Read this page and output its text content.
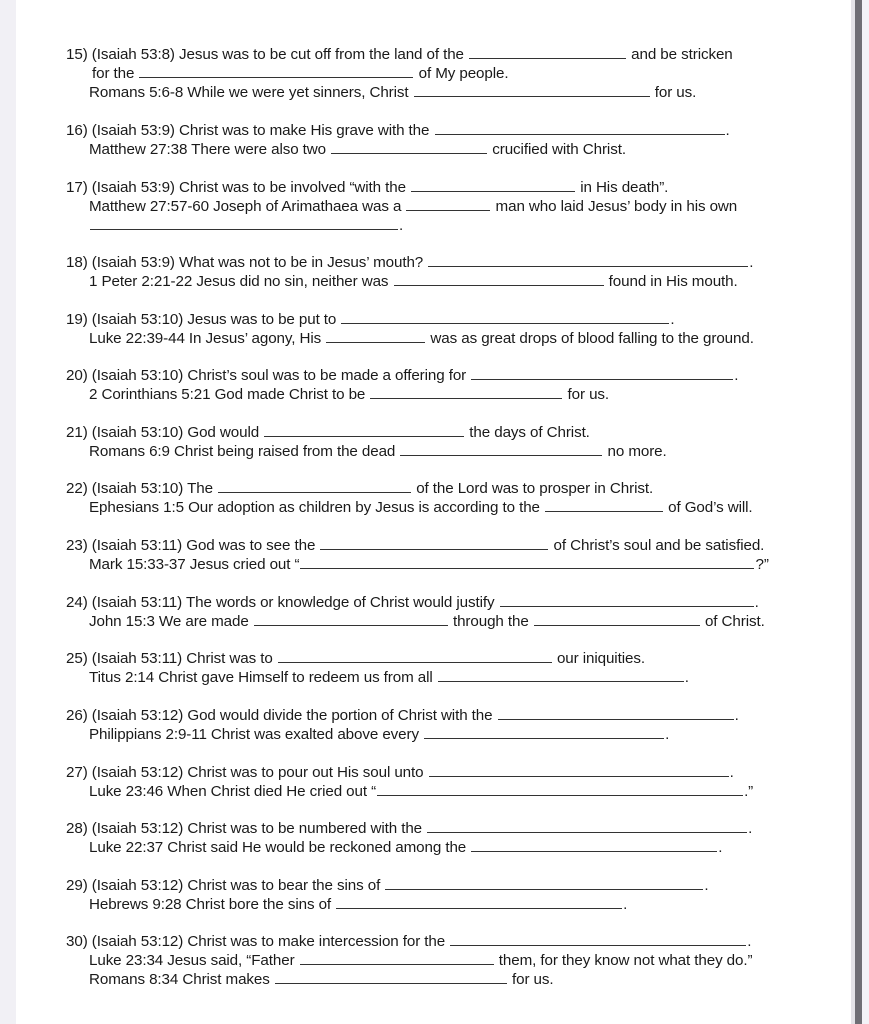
15) (Isaiah 53:8) Jesus was to be cut off from the land of the	and be stricken
for the	of My people.
Romans 5:6-8 While we were yet sinners, Christ	for us.
16) (Isaiah 53:9) Christ was to make His grave with the	.
Matthew 27:38 There were also two	crucified with Christ.
17) (Isaiah 53:9) Christ was to be involved “with the	in His death”.
Matthew 27:57-60 Joseph of Arimathaea was a	man who laid Jesus’ body in his own
.
18) (Isaiah 53:9) What was not to be in Jesus’ mouth?	.
1 Peter 2:21-22 Jesus did no sin, neither was	found in His mouth.
19) (Isaiah 53:10) Jesus was to be put to	.
Luke 22:39-44 In Jesus’ agony, His	was as great drops of blood falling to the ground.
20) (Isaiah 53:10) Christ’s soul was to be made a offering for	.
2 Corinthians 5:21 God made Christ to be	for us.
21) (Isaiah 53:10) God would	the days of Christ.
Romans 6:9 Christ being raised from the dead	no more.
22) (Isaiah 53:10) The	of the Lord was to prosper in Christ.
Ephesians 1:5 Our adoption as children by Jesus is according to the	of God’s will.
23) (Isaiah 53:11) God was to see the	of Christ’s soul and be satisfied.
Mark 15:33-37 Jesus cried out “	?”
24) (Isaiah 53:11) The words or knowledge of Christ would justify	.
John 15:3 We are made	through the	of Christ.
25) (Isaiah 53:11) Christ was to	our iniquities.
Titus 2:14 Christ gave Himself to redeem us from all	.
26) (Isaiah 53:12) God would divide the portion of Christ with the	.
Philippians 2:9-11 Christ was exalted above every	.
27) (Isaiah 53:12) Christ was to pour out His soul unto	.
Luke 23:46 When Christ died He cried out “	.”
28) (Isaiah 53:12) Christ was to be numbered with the	.
Luke 22:37 Christ said He would be reckoned among the	.
29) (Isaiah 53:12) Christ was to bear the sins of	.
Hebrews 9:28 Christ bore the sins of	.
30) (Isaiah 53:12) Christ was to make intercession for the	.
Luke 23:34 Jesus said, “Father	them, for they know not what they do.”
Romans 8:34 Christ makes	for us.
